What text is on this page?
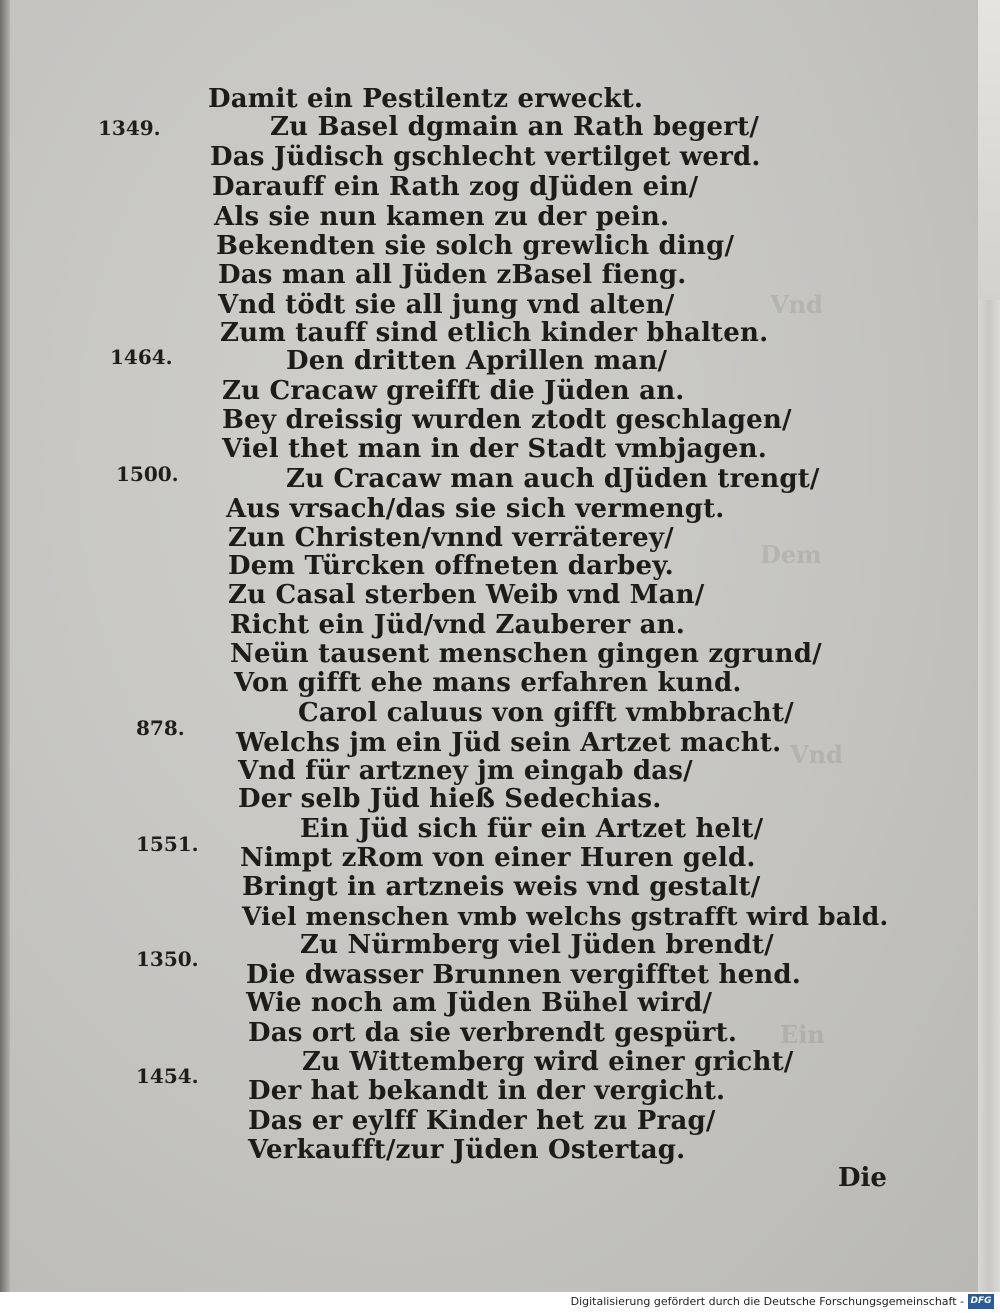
Vnd
Dem
Vnd
Ein
1349.
1464.
1500.
878.
1551.
1350.
1454.
Damit ein Pestilentz erweckt.
Zu Basel dgmain an Rath begert/
Das Jüdisch gschlecht vertilget werd.
Darauff ein Rath zog dJüden ein/
Als sie nun kamen zu der pein.
Bekendten sie solch grewlich ding/
Das man all Jüden zBasel fieng.
Vnd tödt sie all jung vnd alten/
Zum tauff sind etlich kinder bhalten.
Den dritten Aprillen man/
Zu Cracaw greifft die Jüden an.
Bey dreissig wurden ztodt geschlagen/
Viel thet man in der Stadt vmbjagen.
Zu Cracaw man auch dJüden trengt/
Aus vrsach/das sie sich vermengt.
Zun Christen/vnnd verräterey/
Dem Türcken offneten darbey.
Zu Casal sterben Weib vnd Man/
Richt ein Jüd/vnd Zauberer an.
Neün tausent menschen gingen zgrund/
Von gifft ehe mans erfahren kund.
Carol caluus von gifft vmbbracht/
Welchs jm ein Jüd sein Artzet macht.
Vnd für artzney jm eingab das/
Der selb Jüd hieß Sedechias.
Ein Jüd sich für ein Artzet helt/
Nimpt zRom von einer Huren geld.
Bringt in artzneis weis vnd gestalt/
Viel menschen vmb welchs gstrafft wird bald.
Zu Nürmberg viel Jüden brendt/
Die dwasser Brunnen vergifftet hend.
Wie noch am Jüden Bühel wird/
Das ort da sie verbrendt gespürt.
Zu Wittemberg wird einer gricht/
Der hat bekandt in der vergicht.
Das er eylff Kinder het zu Prag/
Verkaufft/zur Jüden Ostertag.
Die
Digitalisierung gefördert durch die Deutsche Forschungsgemeinschaft - DFG
